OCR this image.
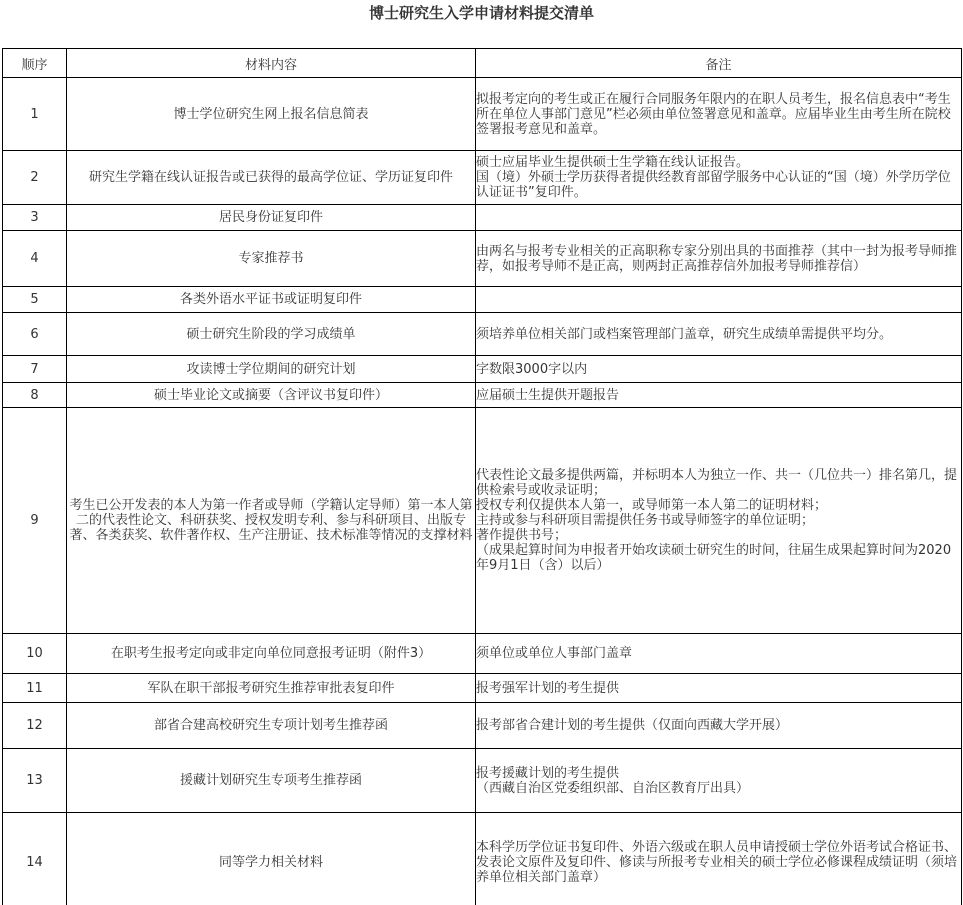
博士研究生入学申请材料提交清单
顺序	材料内容	备注
1	博士学位研究生网上报名信息简表	拟报考定向的考生或正在履行合同服务年限内的在职人员考生，报名信息表中“考生所在单位人事部门意见”栏必须由单位签署意见和盖章。应届毕业生由考生所在院校签署报考意见和盖章。

2	研究生学籍在线认证报告或已获得的最高学位证、学历证复印件	硕士应届毕业生提供硕士生学籍在线认证报告。
国（境）外硕士学历获得者提供经教育部留学服务中心认证的“国（境）外学历学位认证证书”复印件。

3	居民身份证复印件	
4	专家推荐书	由两名与报考专业相关的正高职称专家分别出具的书面推荐（其中一封为报考导师推荐，如报考导师不是正高，则两封正高推荐信外加报考导师推荐信）

5	各类外语水平证书或证明复印件	
6	硕士研究生阶段的学习成绩单	须培养单位相关部门或档案管理部门盖章，研究生成绩单需提供平均分。

7	攻读博士学位期间的研究计划	字数限3000字以内

8	硕士毕业论文或摘要（含评议书复印件）	应届硕士生提供开题报告

9	考生已公开发表的本人为第一作者或导师（学籍认定导师）第一本人第二的代表性论文、科研获奖、授权发明专利、参与科研项目、出版专著、各类获奖、软件著作权、生产注册证、技术标准等情况的支撑材料	代表性论文最多提供两篇，并标明本人为独立一作、共一（几位共一）排名第几，提供检索号或收录证明；
授权专利仅提供本人第一，或导师第一本人第二的证明材料；
主持或参与科研项目需提供任务书或导师签字的单位证明；
著作提供书号；
（成果起算时间为申报者开始攻读硕士研究生的时间，往届生成果起算时间为2020年9月1日（含）以后）

10	在职考生报考定向或非定向单位同意报考证明（附件3）	须单位或单位人事部门盖章

11	军队在职干部报考研究生推荐审批表复印件	报考强军计划的考生提供

12	部省合建高校研究生专项计划考生推荐函	报考部省合建计划的考生提供（仅面向西藏大学开展）

13	援藏计划研究生专项考生推荐函	报考援藏计划的考生提供
（西藏自治区党委组织部、自治区教育厅出具）

14	同等学力相关材料	本科学历学位证书复印件、外语六级或在职人员申请授硕士学位外语考试合格证书、发表论文原件及复印件、修读与所报考专业相关的硕士学位必修课程成绩证明（须培养单位相关部门盖章）
